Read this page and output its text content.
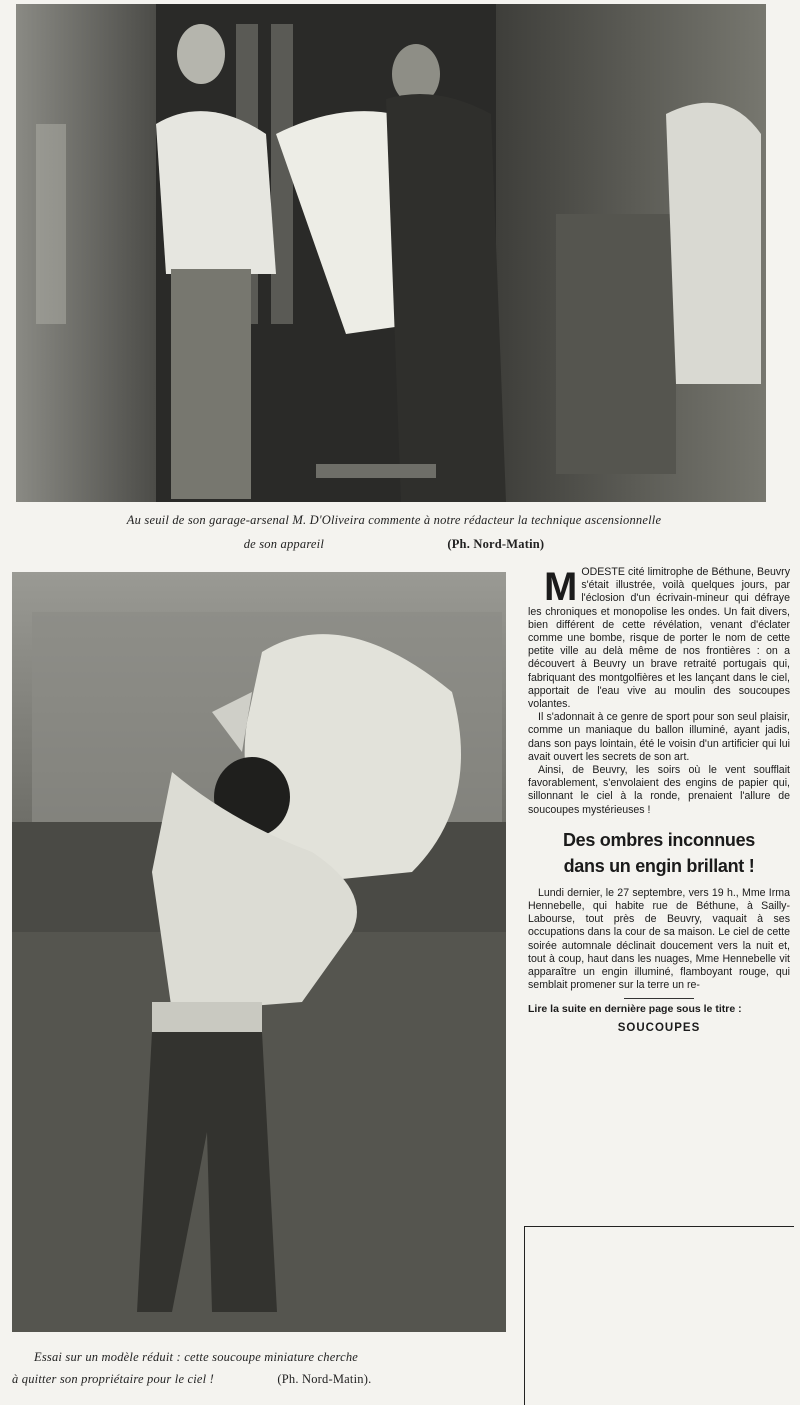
Au seuil de son garage-arsenal M. D'Oliveira commente à notre rédacteur la technique ascensionnelle
de son appareil	(Ph. Nord-Matin)
Essai sur un modèle réduit : cette soucoupe miniature cherche
à quitter son propriétaire pour le ciel !	(Ph. Nord-Matin).
M ODESTE cité limitrophe de Béthune, Beuvry s'était illustrée, voilà quelques jours, par l'éclosion d'un écrivain-mineur qui défraye les chroniques et monopolise les ondes. Un fait divers, bien différent de cette révélation, venant d'éclater comme une bombe, risque de porter le nom de cette petite ville au delà même de nos frontières : on a découvert à Beuvry un brave retraité portugais qui, fabriquant des montgolfières et les lançant dans le ciel, apportait de l'eau vive au moulin des soucoupes volantes.

Il s'adonnait à ce genre de sport pour son seul plaisir, comme un maniaque du ballon illuminé, ayant jadis, dans son pays lointain, été le voisin d'un artificier qui lui avait ouvert les secrets de son art.

Ainsi, de Beuvry, les soirs où le vent soufflait favorablement, s'envolaient des engins de papier qui, sillonnant le ciel à la ronde, prenaient l'allure de soucoupes mystérieuses !

Des ombres inconnues
dans un engin brillant !

Lundi dernier, le 27 septembre, vers 19 h., Mme Irma Hennebelle, qui habite rue de Béthune, à Sailly-Labourse, tout près de Beuvry, vaquait à ses occupations dans la cour de sa maison. Le ciel de cette soirée automnale déclinait doucement vers la nuit et, tout à coup, haut dans les nuages, Mme Hennebelle vit apparaître un engin illuminé, flamboyant rouge, qui semblait promener sur la terre un re-

Lire la suite en dernière page sous le titre :
SOUCOUPES
